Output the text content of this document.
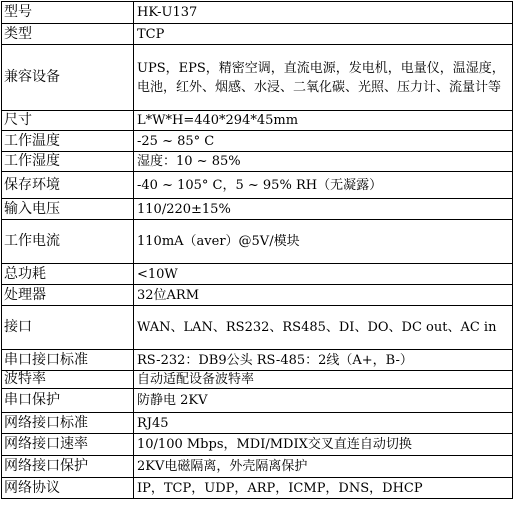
型号	HK-U137
类型	TCP
兼容设备	UPS，EPS，精密空调，直流电源，发电机，电量仪，温湿度，电池，红外、烟感、水浸、二氧化碳、光照、压力计、流量计等
尺寸	L*W*H=440*294*45mm
工作温度	-25 ~ 85° C
工作湿度	湿度：10 ~ 85%
保存环境	-40 ~ 105° C，5 ~ 95% RH（无凝露）
输入电压	110/220±15%
工作电流	110mA（aver）@5V/模块
总功耗	<10W
处理器	32位ARM
接口	WAN、LAN、RS232、RS485、DI、DO、DC out、AC in
串口接口标准	RS-232：DB9公头 RS-485：2线（A+，B-）
波特率	自动适配设备波特率
串口保护	防静电 2KV
网络接口标准	RJ45
网络接口速率	10/100 Mbps，MDI/MDIX交叉直连自动切换
网络接口保护	2KV电磁隔离，外壳隔离保护
网络协议	IP，TCP，UDP，ARP，ICMP，DNS，DHCP
